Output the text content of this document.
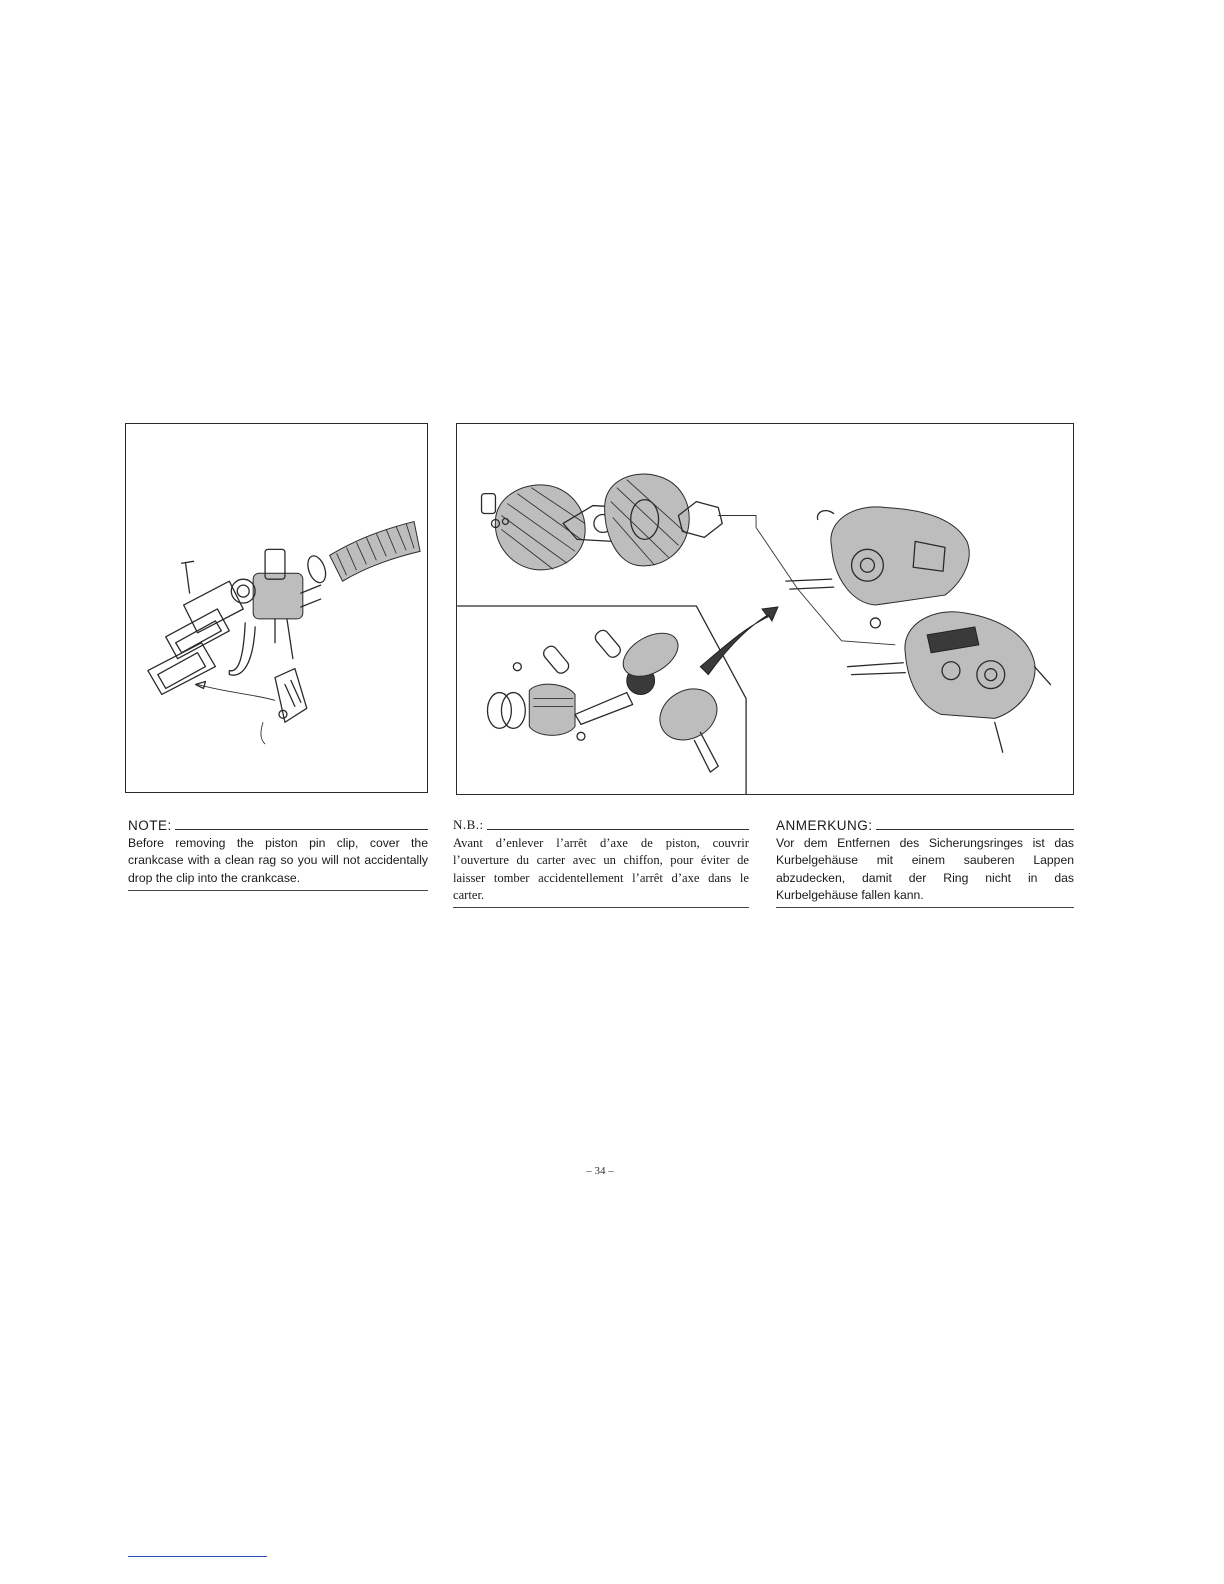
NOTE:
Before removing the piston pin clip, cover the crankcase with a clean rag so you will not accidentally drop the clip into the crankcase.
N.B.:
Avant d’enlever l’arrêt d’axe de piston, couvrir l’ouverture du carter avec un chiffon, pour éviter de laisser tomber accidentellement l’arrêt d’axe dans le carter.
ANMERKUNG:
Vor dem Entfernen des Sicherungsringes ist das Kurbelgehäuse mit einem sauberen Lappen abzudecken, damit der Ring nicht in das Kurbelgehäuse fallen kann.
– 34 –
